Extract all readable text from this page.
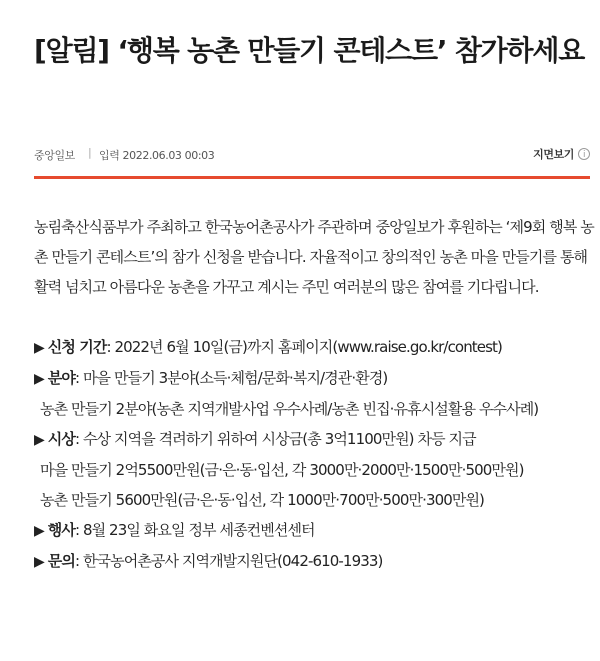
[알림] ‘행복 농촌 만들기 콘테스트’ 참가하세요
중앙일보 | 입력 2022.06.03 00:03	지면보기 i

농림축산식품부가 주최하고 한국농어촌공사가 주관하며 중앙일보가 후원하는 ‘제9회 행복 농촌 만들기 콘테스트’의 참가 신청을 받습니다. 자율적이고 창의적인 농촌 마을 만들기를 통해 활력 넘치고 아름다운 농촌을 가꾸고 계시는 주민 여러분의 많은 참여를 기다립니다.

▶ 신청 기간: 2022년 6월 10일(금)까지 홈페이지(www.raise.go.kr/contest)

▶ 분야: 마을 만들기 3분야(소득·체험/문화·복지/경관·환경)

농촌 만들기 2분야(농촌 지역개발사업 우수사례/농촌 빈집·유휴시설활용 우수사례)

▶ 시상: 수상 지역을 격려하기 위하여 시상금(총 3억1100만원) 차등 지급

마을 만들기 2억5500만원(금·은·동·입선, 각 3000만·2000만·1500만·500만원)

농촌 만들기 5600만원(금·은·동·입선, 각 1000만·700만·500만·300만원)

▶ 행사: 8월 23일 화요일 정부 세종컨벤션센터

▶ 문의: 한국농어촌공사 지역개발지원단(042-610-1933)
